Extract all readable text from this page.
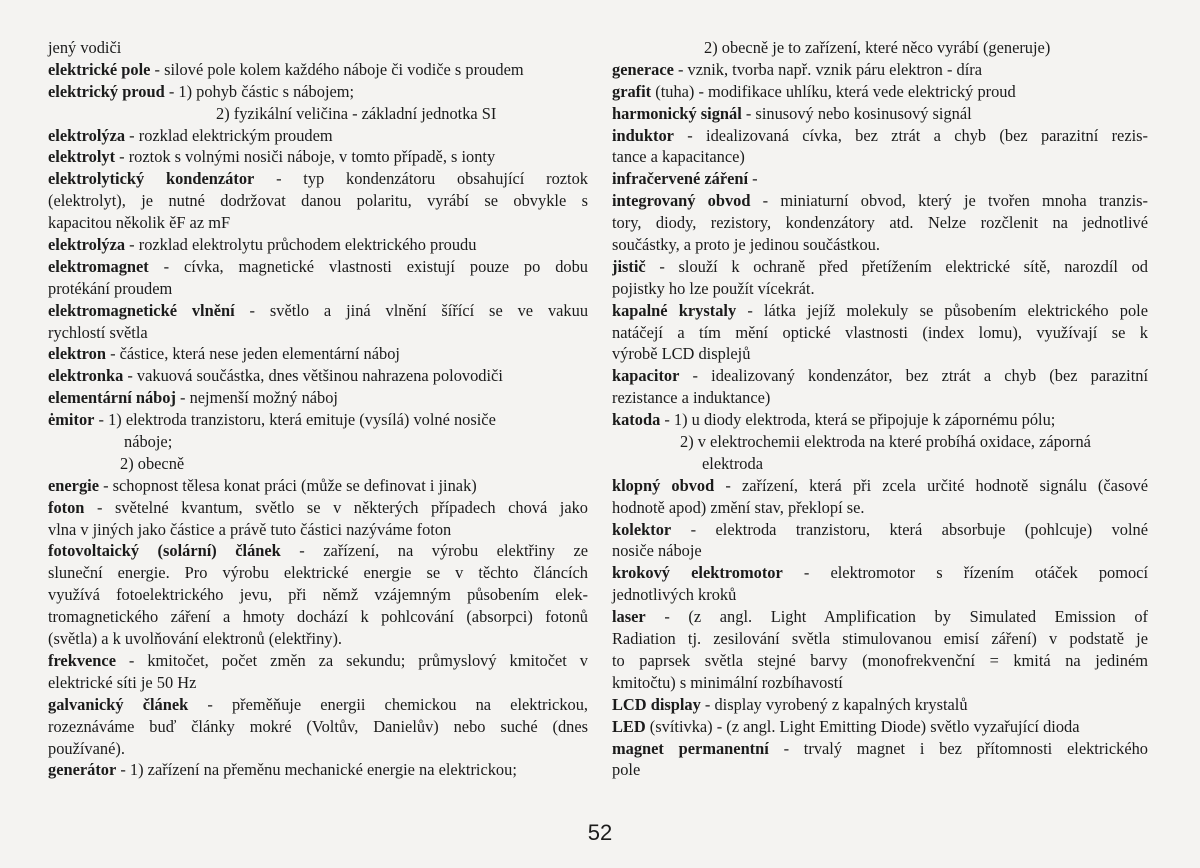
jený vodiči
elektrické pole - silové pole kolem každého náboje či vodiče s proudem
elektrický proud - 1) pohyb částic s nábojem;
2) fyzikální veličina - základní jednotka SI
elektrolýza - rozklad elektrickým proudem
elektrolyt - roztok s volnými nosiči náboje, v tomto případě, s ionty
elektrolytický kondenzátor - typ kondenzátoru obsahující roztok
(elektrolyt), je nutné dodržovat danou polaritu, vyrábí se obvykle s
kapacitou několik ěF az mF
elektrolýza - rozklad elektrolytu průchodem elektrického proudu
elektromagnet - cívka, magnetické vlastnosti existují pouze po dobu
protékání proudem
elektromagnetické vlnění - světlo a jiná vlnění šířící se ve vakuu
rychlostí světla
elektron - částice, která nese jeden elementární náboj
elektronka - vakuová součástka, dnes většinou nahrazena polovodiči
elementární náboj - nejmenší možný náboj
ėmitor - 1) elektroda tranzistoru, která emituje (vysílá) volné nosiče
náboje;
2) obecně
energie - schopnost tělesa konat práci (může se definovat i jinak)
foton - světelné kvantum, světlo se v některých případech chová jako
vlna v jiných jako částice a právě tuto částici nazýváme foton
fotovoltaický (solární) článek - zařízení, na výrobu elektřiny ze
sluneční energie. Pro výrobu elektrické energie se v těchto článcích
využívá fotoelektrického jevu, při němž vzájemným působením elek-
tromagnetického záření a hmoty dochází k pohlcování (absorpci) fotonů
(světla) a k uvolňování elektronů (elektřiny).
frekvence - kmitočet, počet změn za sekundu; průmyslový kmitočet v
elektrické síti je 50 Hz
galvanický článek - přeměňuje energii chemickou na elektrickou,
rozeznáváme buď články mokré (Voltův, Danielův) nebo suché (dnes
používané).
generátor - 1) zařízení na přeměnu mechanické energie na elektrickou;
2) obecně je to zařízení, které něco vyrábí (generuje)
generace - vznik, tvorba např. vznik páru elektron - díra
grafit (tuha) - modifikace uhlíku, která vede elektrický proud
harmonický signál - sinusový nebo kosinusový signál
induktor - idealizovaná cívka, bez ztrát a chyb (bez parazitní rezis-
tance a kapacitance)
infračervené záření -
integrovaný obvod - miniaturní obvod, který je tvořen mnoha tranzis-
tory, diody, rezistory, kondenzátory atd. Nelze rozčlenit na jednotlivé
součástky, a proto je jedinou součástkou.
jistič - slouží k ochraně před přetížením elektrické sítě, narozdíl od
pojistky ho lze použít vícekrát.
kapalné krystaly - látka jejíž molekuly se působením elektrického pole
natáčejí a tím mění optické vlastnosti (index lomu), využívají se k
výrobě LCD displejů
kapacitor - idealizovaný kondenzátor, bez ztrát a chyb (bez parazitní
rezistance a induktance)
katoda - 1) u diody elektroda, která se připojuje k zápornému pólu;
2) v elektrochemii elektroda na které probíhá oxidace, záporná
elektroda
klopný obvod - zařízení, která při zcela určité hodnotě signálu (časové
hodnotě apod) změní stav, překlopí se.
kolektor - elektroda tranzistoru, která absorbuje (pohlcuje) volné
nosiče náboje
krokový elektromotor - elektromotor s řízením otáček pomocí
jednotlivých kroků
laser - (z angl. Light Amplification by Simulated Emission of
Radiation tj. zesilování světla stimulovanou emisí záření) v podstatě je
to paprsek světla stejné barvy (monofrekvenční = kmitá na jediném
kmitočtu) s minimální rozbíhavostí
LCD display - display vyrobený z kapalných krystalů
LED (svítivka) - (z angl. Light Emitting Diode) světlo vyzařující dioda
magnet permanentní - trvalý magnet i bez přítomnosti elektrického
pole
52
